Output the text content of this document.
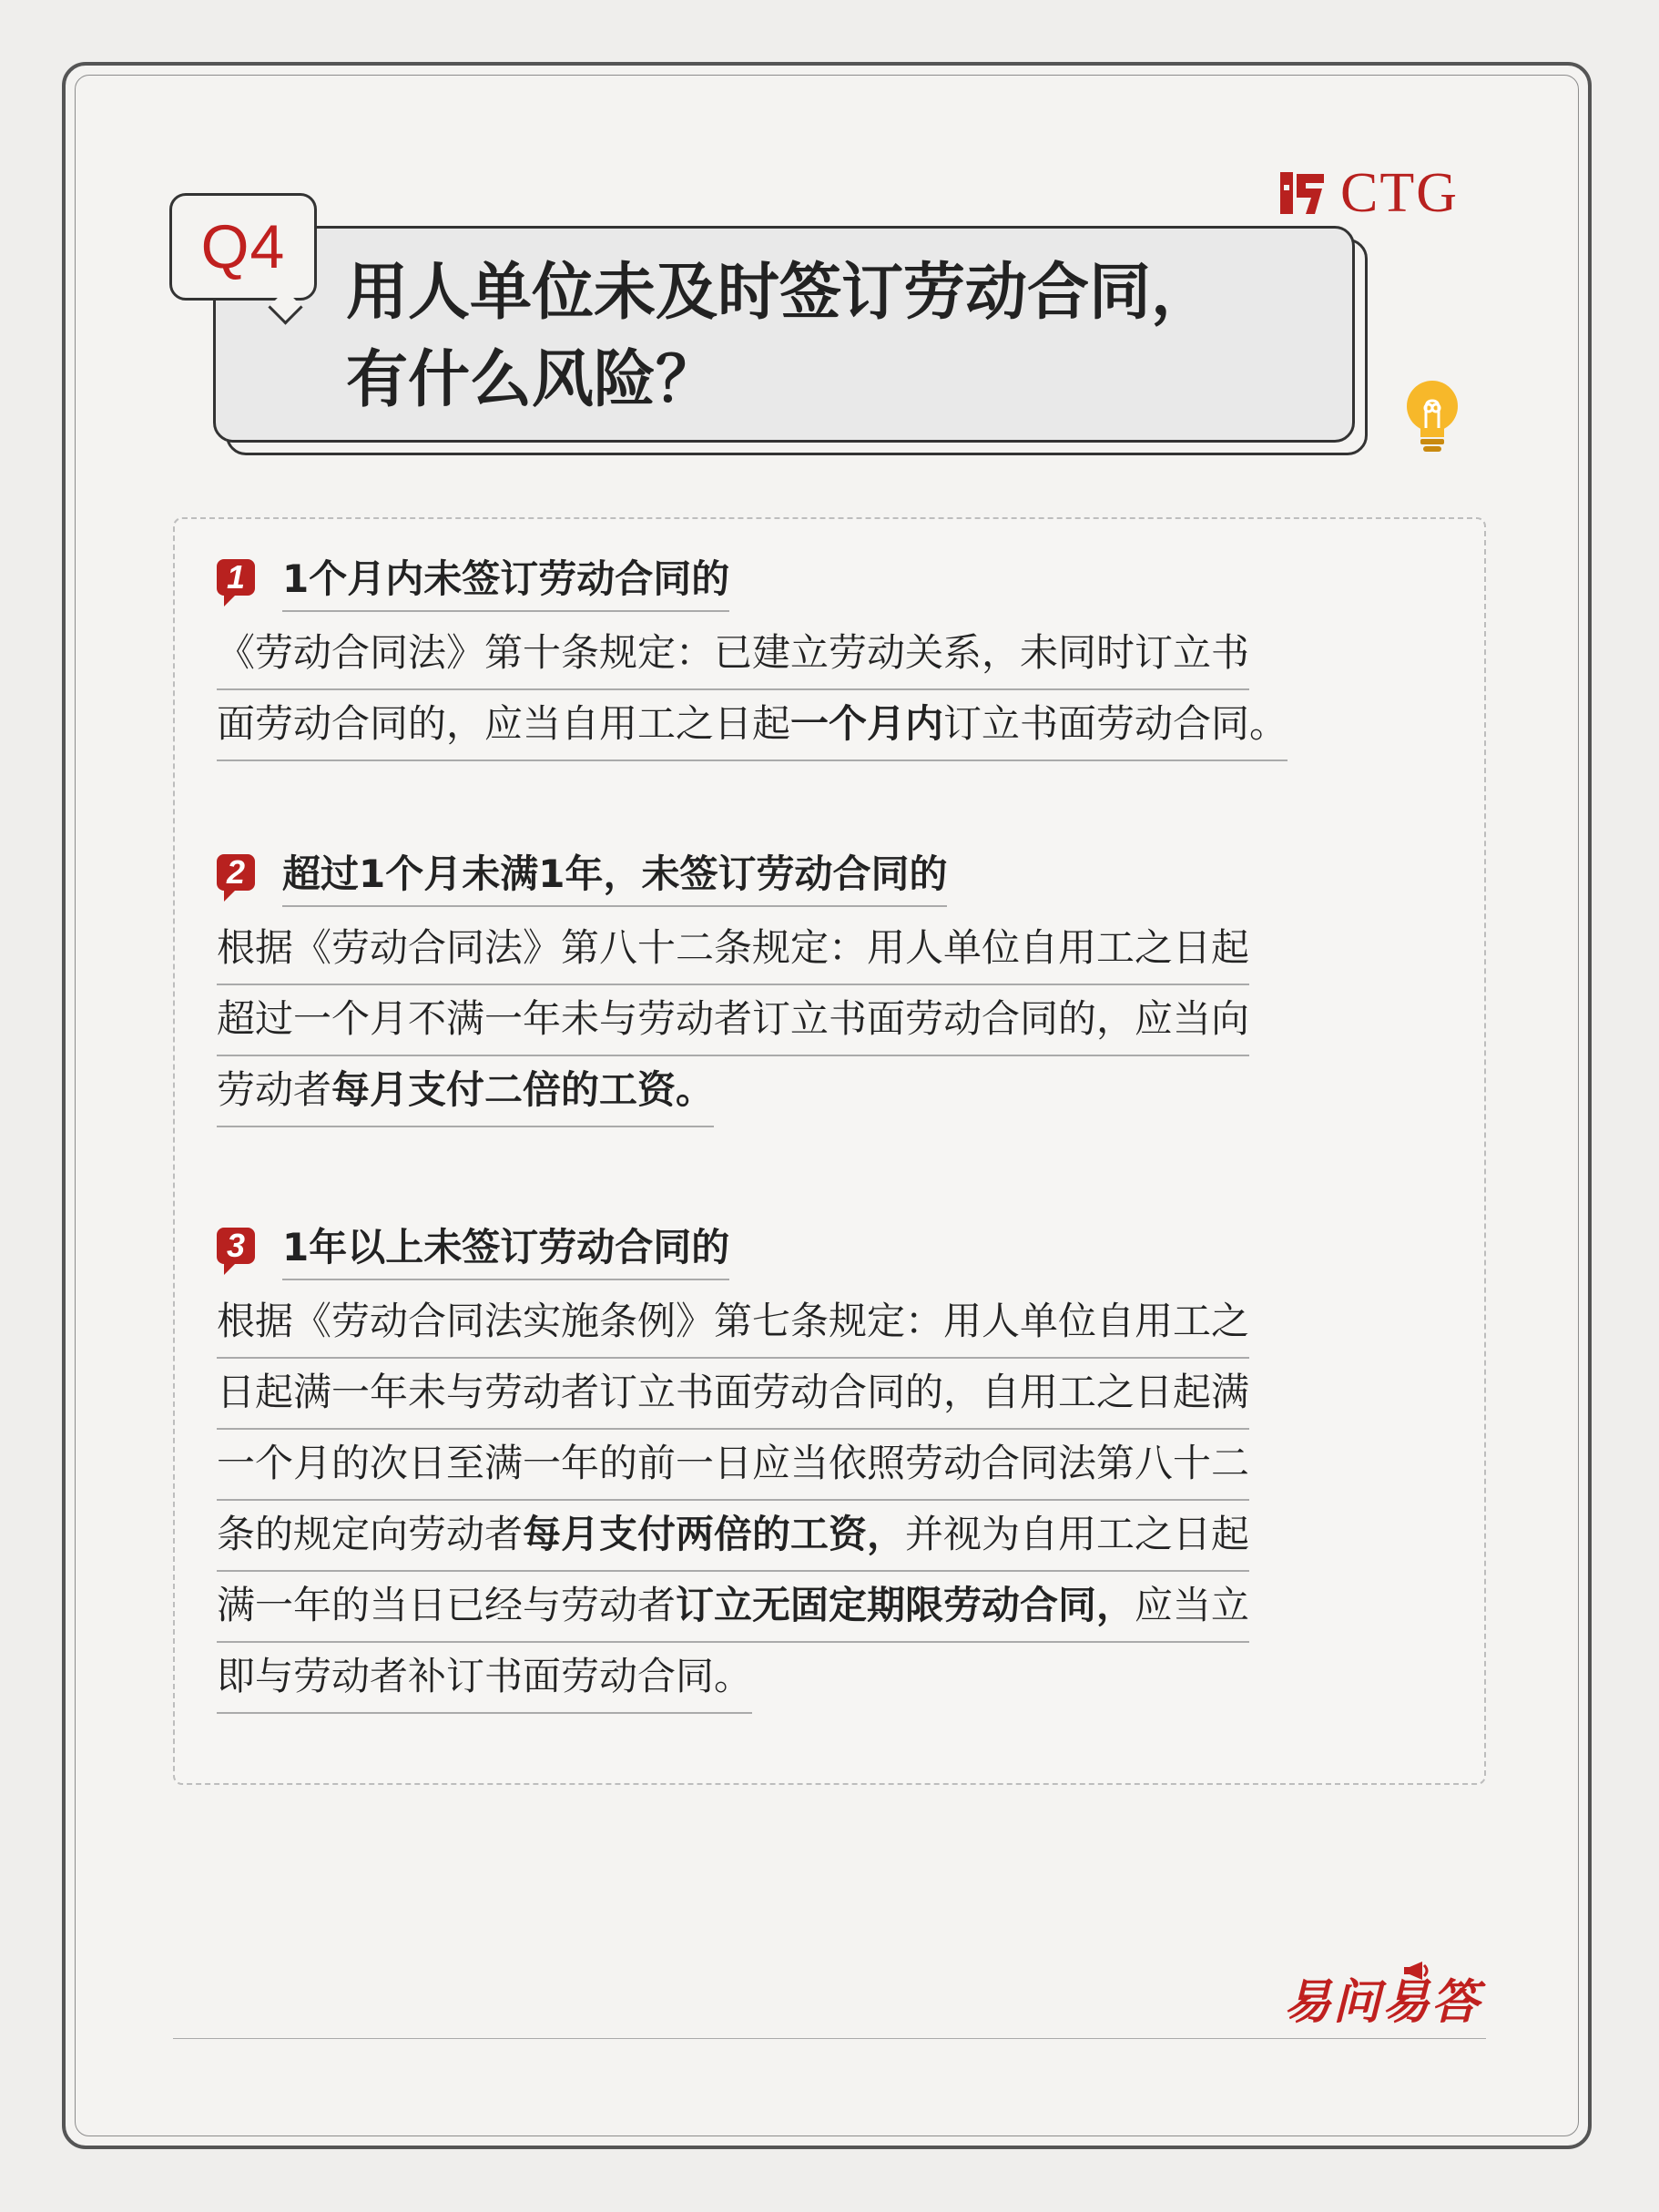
CTG
Q4
用人单位未及时签订劳动合同，
有什么风险？
1 1个月内未签订劳动合同的
《劳动合同法》第十条规定：已建立劳动关系，未同时订立书
面劳动合同的，应当自用工之日起一个月内订立书面劳动合同。
2 超过1个月未满1年，未签订劳动合同的
根据《劳动合同法》第八十二条规定：用人单位自用工之日起
超过一个月不满一年未与劳动者订立书面劳动合同的，应当向
劳动者每月支付二倍的工资。
3 1年以上未签订劳动合同的
根据《劳动合同法实施条例》第七条规定：用人单位自用工之
日起满一年未与劳动者订立书面劳动合同的，自用工之日起满
一个月的次日至满一年的前一日应当依照劳动合同法第八十二
条的规定向劳动者每月支付两倍的工资，并视为自用工之日起
满一年的当日已经与劳动者订立无固定期限劳动合同，应当立
即与劳动者补订书面劳动合同。
易问易答
